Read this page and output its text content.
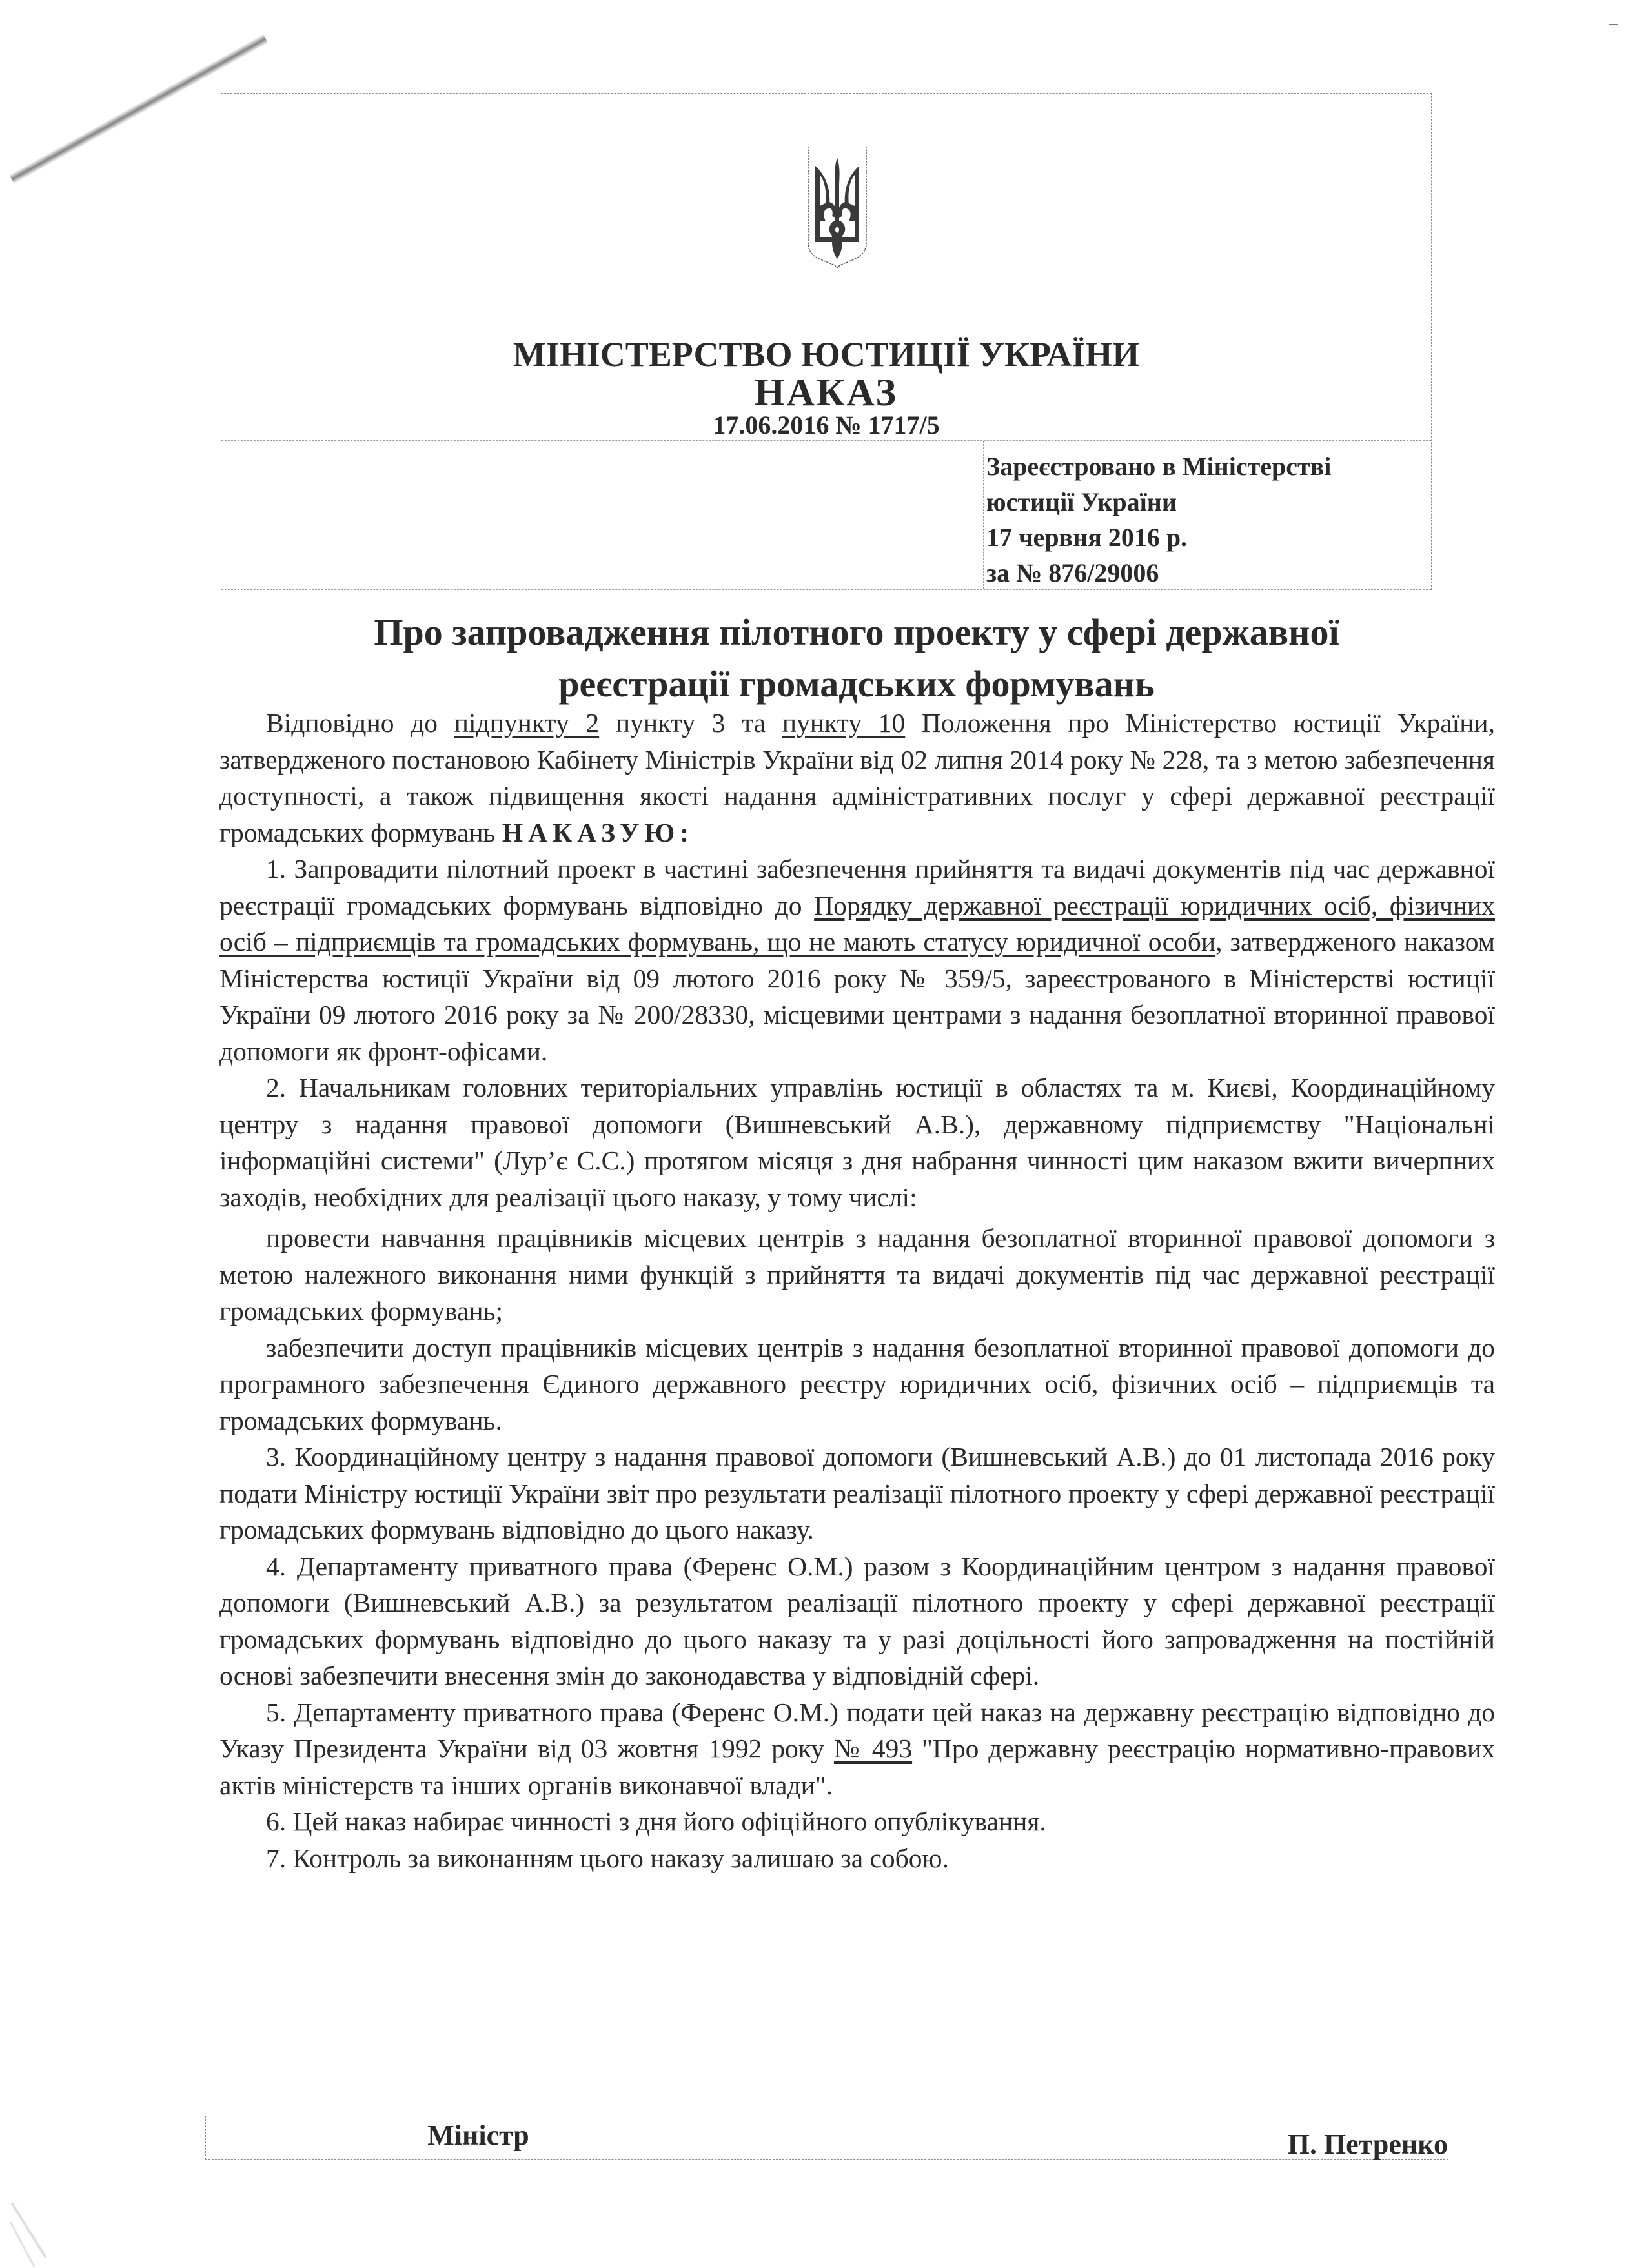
МІНІСТЕРСТВО ЮСТИЦІЇ УКРАЇНИ
НАКАЗ
17.06.2016 № 1717/5
Зареєстровано в Міністерстві
юстиції України
17 червня 2016 р.
за № 876/29006
Про запровадження пілотного проекту у сфері державної
реєстрації громадських формувань

Відповідно до підпункту 2 пункту 3 та пункту 10 Положення про Міністерство юстиції України, затвердженого постановою Кабінету Міністрів України від 02 липня 2014 року № 228, та з метою забезпечення доступності, а також підвищення якості надання адміністративних послуг у сфері державної реєстрації громадських формувань НАКАЗУЮ:

1. Запровадити пілотний проект в частині забезпечення прийняття та видачі документів під час державної реєстрації громадських формувань відповідно до Порядку державної реєстрації юридичних осіб, фізичних осіб – підприємців та громадських формувань, що не мають статусу юридичної особи, затвердженого наказом Міністерства юстиції України від 09 лютого 2016 року № 359/5, зареєстрованого в Міністерстві юстиції України 09 лютого 2016 року за № 200/28330, місцевими центрами з надання безоплатної вторинної правової допомоги як фронт-офісами.

2. Начальникам головних територіальних управлінь юстиції в областях та м. Києві, Координаційному центру з надання правової допомоги (Вишневський А.В.), державному підприємству "Національні інформаційні системи" (Лур’є С.С.) протягом місяця з дня набрання чинності цим наказом вжити вичерпних заходів, необхідних для реалізації цього наказу, у тому числі:

провести навчання працівників місцевих центрів з надання безоплатної вторинної правової допомоги з метою належного виконання ними функцій з прийняття та видачі документів під час державної реєстрації громадських формувань;

забезпечити доступ працівників місцевих центрів з надання безоплатної вторинної правової допомоги до програмного забезпечення Єдиного державного реєстру юридичних осіб, фізичних осіб – підприємців та громадських формувань.

3. Координаційному центру з надання правової допомоги (Вишневський А.В.) до 01 листопада 2016 року подати Міністру юстиції України звіт про результати реалізації пілотного проекту у сфері державної реєстрації громадських формувань відповідно до цього наказу.

4. Департаменту приватного права (Ференс О.М.) разом з Координаційним центром з надання правової допомоги (Вишневський А.В.) за результатом реалізації пілотного проекту у сфері державної реєстрації громадських формувань відповідно до цього наказу та у разі доцільності його запровадження на постійній основі забезпечити внесення змін до законодавства у відповідній сфері.

5. Департаменту приватного права (Ференс О.М.) подати цей наказ на державну реєстрацію відповідно до Указу Президента України від 03 жовтня 1992 року № 493 "Про державну реєстрацію нормативно-правових актів міністерств та інших органів виконавчої влади".

6. Цей наказ набирає чинності з дня його офіційного опублікування.

7. Контроль за виконанням цього наказу залишаю за собою.

Міністр	П. Петренко
